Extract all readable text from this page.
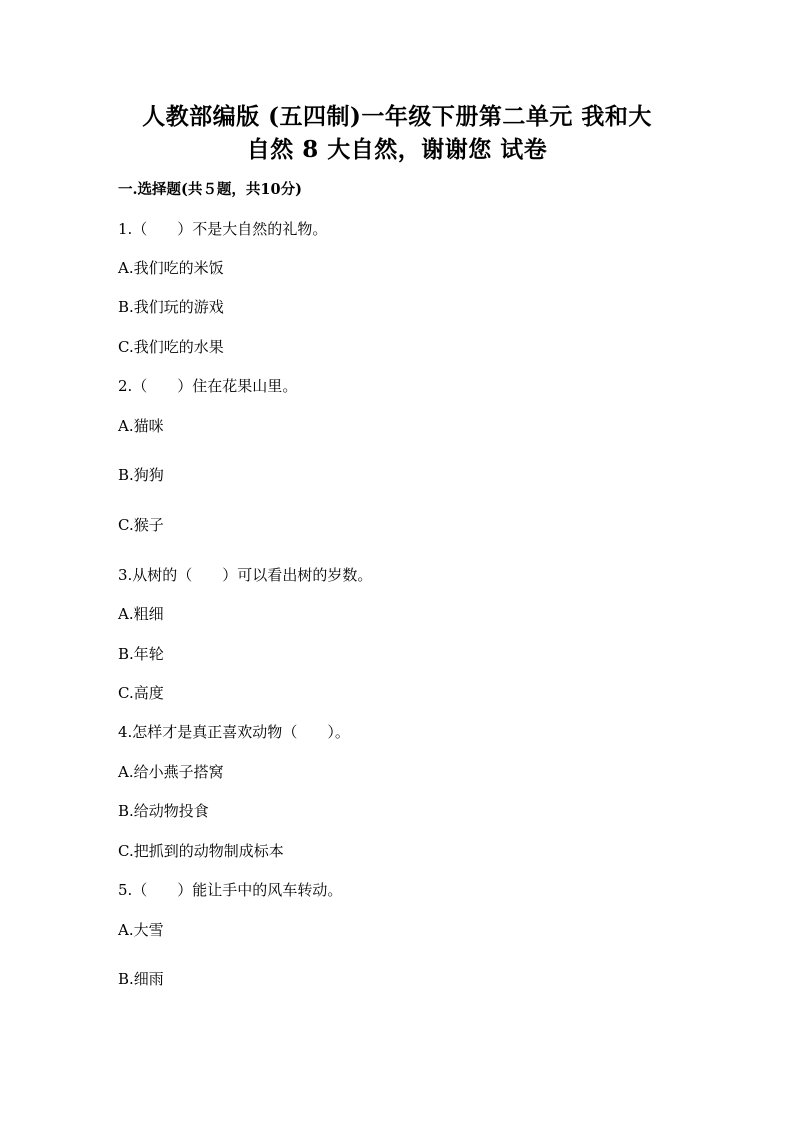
人教部编版 (五四制)一年级下册第二单元 我和大
自然 8 大自然，谢谢您 试卷
一.选择题(共５题，共10分)
1.（　　）不是大自然的礼物。
A.我们吃的米饭
B.我们玩的游戏
C.我们吃的水果
2.（　　）住在花果山里。
A.猫咪
B.狗狗
C.猴子
3.从树的（　　）可以看出树的岁数。
A.粗细
B.年轮
C.高度
4.怎样才是真正喜欢动物（　　）。
A.给小燕子搭窝
B.给动物投食
C.把抓到的动物制成标本
5.（　　）能让手中的风车转动。
A.大雪
B.细雨
